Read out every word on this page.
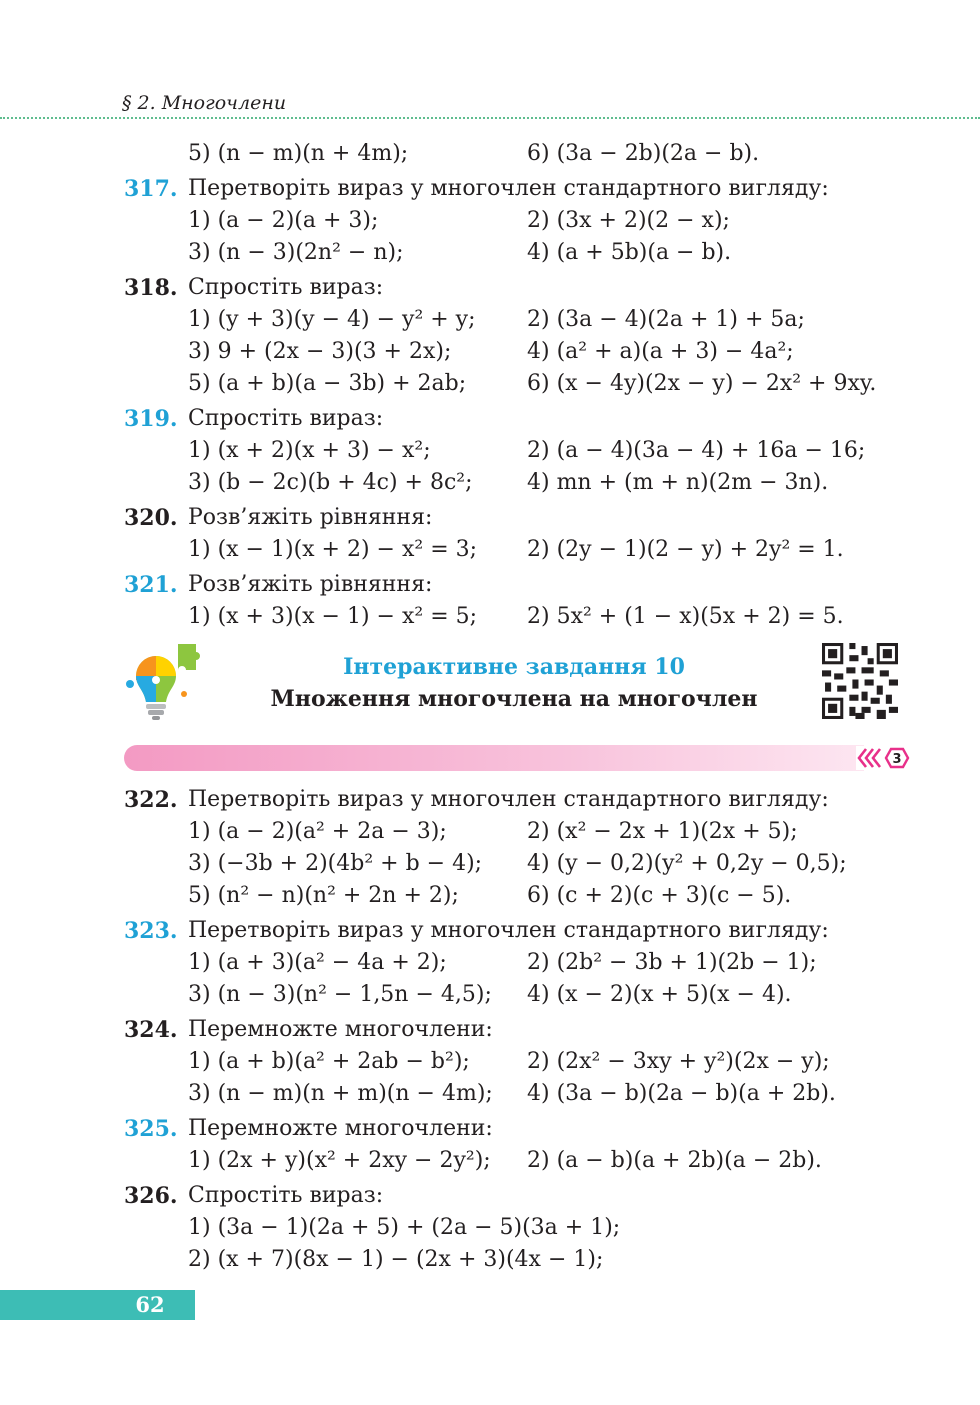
§ 2. Многочлени
5) (n − m)(n + 4m);	6) (3a − 2b)(2a − b).
317. Перетворіть вираз у многочлен стандартного вигляду:
1) (a − 2)(a + 3);	2) (3x + 2)(2 − x);
3) (n − 3)(2n² − n);	4) (a + 5b)(a − b).
318. Спростіть вираз:
1) (y + 3)(y − 4) − y² + y; 2) (3a − 4)(2a + 1) + 5a;
3) 9 + (2x − 3)(3 + 2x);	4) (a² + a)(a + 3) − 4a²;
5) (a + b)(a − 3b) + 2ab;	6) (x − 4y)(2x − y) − 2x² + 9xy.
319. Спростіть вираз:
1) (x + 2)(x + 3) − x²;	2) (a − 4)(3a − 4) + 16a − 16;
3) (b − 2c)(b + 4c) + 8c²; 4) mn + (m + n)(2m − 3n).
320. Розв’яжіть рівняння:
1) (x − 1)(x + 2) − x² = 3; 2) (2y − 1)(2 − y) + 2y² = 1.
321. Розв’яжіть рівняння:
1) (x + 3)(x − 1) − x² = 5; 2) 5x² + (1 − x)(5x + 2) = 5.
Інтерактивне завдання 10
Множення многочлена на многочлен
3
322. Перетворіть вираз у многочлен стандартного вигляду:
1) (a − 2)(a² + 2a − 3);	2) (x² − 2x + 1)(2x + 5);
3) (−3b + 2)(4b² + b − 4); 4) (y − 0,2)(y² + 0,2y − 0,5);
5) (n² − n)(n² + 2n + 2);	6) (c + 2)(c + 3)(c − 5).
323. Перетворіть вираз у многочлен стандартного вигляду:
1) (a + 3)(a² − 4a + 2);	2) (2b² − 3b + 1)(2b − 1);
3) (n − 3)(n² − 1,5n − 4,5); 4) (x − 2)(x + 5)(x − 4).
324. Перемножте многочлени:
1) (a + b)(a² + 2ab − b²);	2) (2x² − 3xy + y²)(2x − y);
3) (n − m)(n + m)(n − 4m); 4) (3a − b)(2a − b)(a + 2b).
325. Перемножте многочлени:
1) (2x + y)(x² + 2xy − 2y²); 2) (a − b)(a + 2b)(a − 2b).
326. Спростіть вираз:
1) (3a − 1)(2a + 5) + (2a − 5)(3a + 1);
2) (x + 7)(8x − 1) − (2x + 3)(4x − 1);
62
